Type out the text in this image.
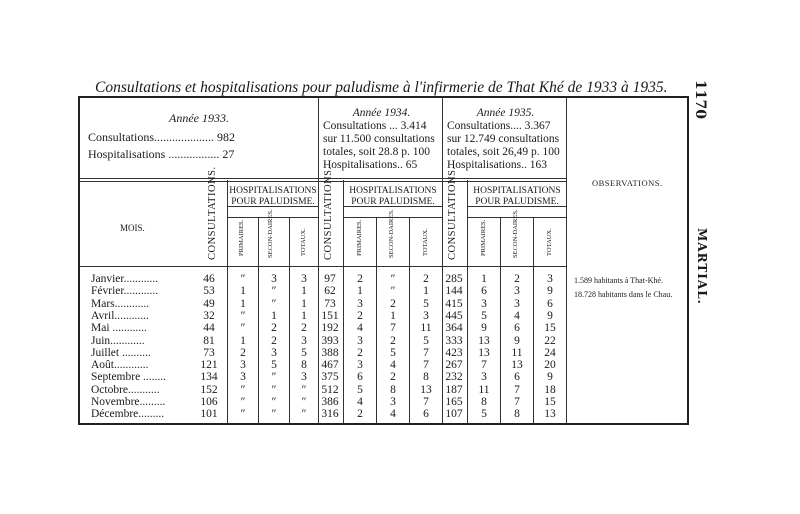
Consultations et hospitalisations pour paludisme à l'infirmerie de That Khé de 1933 à 1935.	1170
MARTIAL.
Année 1933.
Consultations.................... 982
Hospitalisations ................. 27
Année 1934.
Consultations ... 3.414
sur 11.500 consultations
totales, soit 28.8 p. 100
Hospitalisations.. 65
Année 1935.
Consultations.... 3.367
sur 12.749 consultations
totales, soit 26,49 p. 100
Hospitalisations.. 163
MOIS.
OBSERVATIONS.
CONSULTATIONS.	CONSULTATIONS.	CONSULTATIONS.
HOSPITALISATIONS
POUR PALUDISME.
HOSPITALISATIONS
POUR PALUDISME.
HOSPITALISATIONS
POUR PALUDISME.
PRIMAIRES.	SECON-DAIRES.	TOTAUX.	PRIMAIRES.	SECON-DAIRES.	TOTAUX.	PRIMAIRES.	SECON-DAIRES.	TOTAUX.
Janvier............	46	″	3	3	97	2	″	2	285	1	2	3
Février............	53	1	″	1	62	1	″	1	144	6	3	9
Mars............	49	1	″	1	73	3	2	5	415	3	3	6
Avril............	32	″	1	1	151	2	1	3	445	5	4	9
Mai ............	44	″	2	2	192	4	7	11	364	9	6	15
Juin............	81	1	2	3	393	3	2	5	333	13	9	22
Juillet ..........	73	2	3	5	388	2	5	7	423	13	11	24
Août............	121	3	5	8	467	3	4	7	267	7	13	20
Septembre ........	134	3	″	3	375	6	2	8	232	3	6	9
Octobre...........	152	″	″	″	512	5	8	13	187	11	7	18
Novembre.........	106	″	″	″	386	4	3	7	165	8	7	15
Décembre.........	101	″	″	″	316	2	4	6	107	5	8	13
1.589 habitants à That-Khé.
18.728 habitants dans le Chau.
